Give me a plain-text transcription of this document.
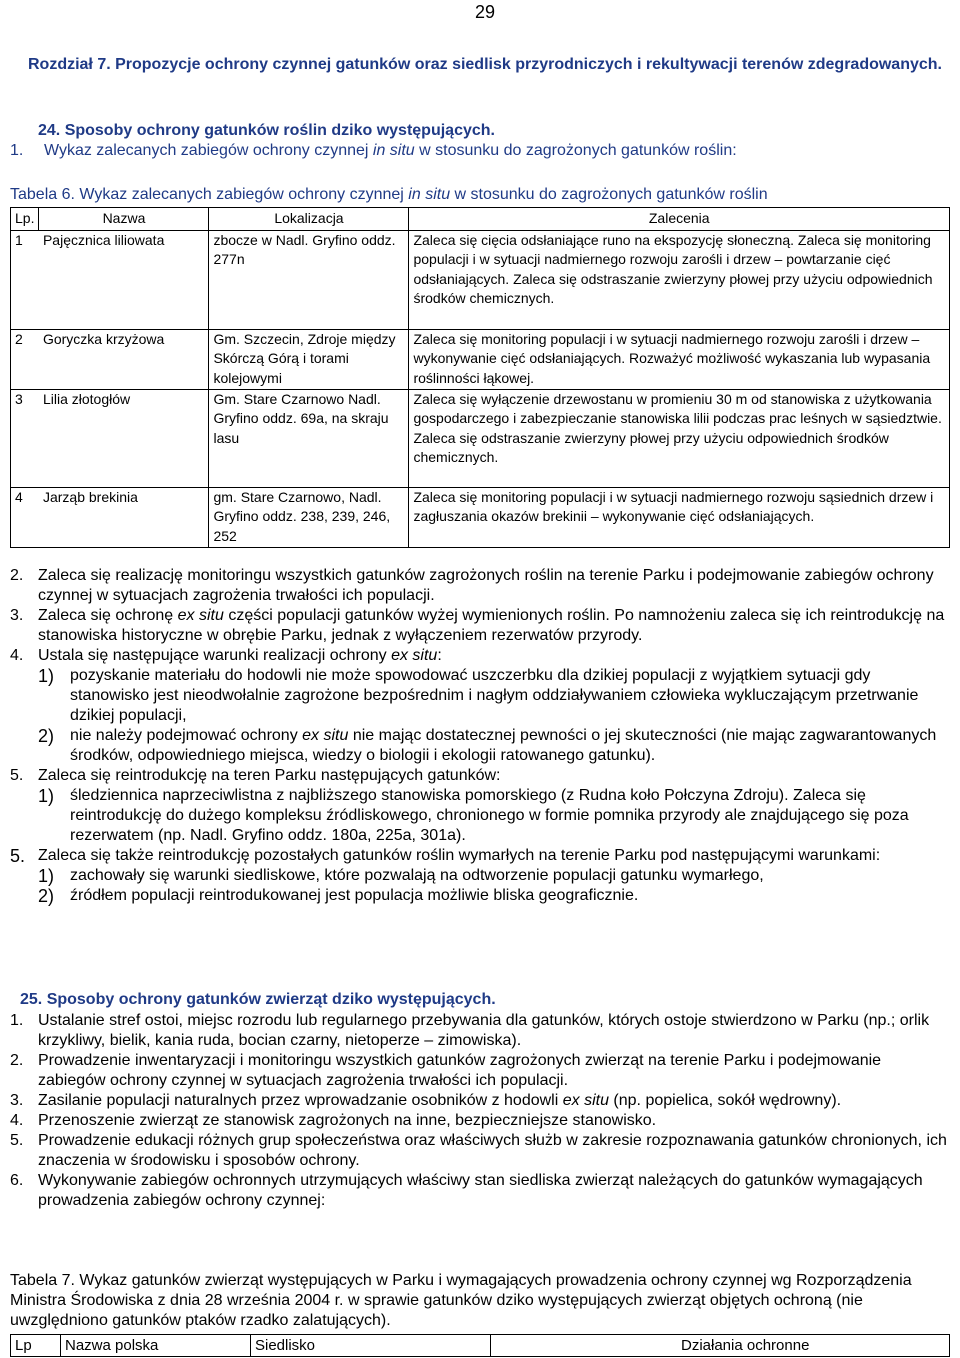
29
Rozdział 7. Propozycje ochrony czynnej gatunków oraz siedlisk przyrodniczych i rekultywacji terenów zdegradowanych.
24. Sposoby ochrony gatunków roślin dziko występujących.
1.	Wykaz zalecanych zabiegów ochrony czynnej in situ w stosunku do zagrożonych gatunków roślin:
Tabela 6. Wykaz zalecanych zabiegów ochrony czynnej in situ w stosunku do zagrożonych gatunków roślin
Lp.	Nazwa	Lokalizacja	Zalecenia
1	Pajęcznica liliowata	zbocze w Nadl. Gryfino oddz. 277n	Zaleca się cięcia odsłaniające runo na ekspozycję słoneczną. Zaleca się monitoring populacji i w sytuacji nadmiernego rozwoju zarośli i drzew – powtarzanie cięć odsłaniających. Zaleca się odstraszanie zwierzyny płowej przy użyciu odpowiednich środków chemicznych.
2	Goryczka krzyżowa	Gm. Szczecin, Zdroje między Skórczą Górą i torami kolejowymi	Zaleca się monitoring populacji i w sytuacji nadmiernego rozwoju zarośli i drzew – wykonywanie cięć odsłaniających. Rozważyć możliwość wykaszania lub wypasania roślinności łąkowej.
3	Lilia złotogłów	Gm. Stare Czarnowo Nadl. Gryfino oddz. 69a, na skraju lasu	Zaleca się wyłączenie drzewostanu w promieniu 30 m od stanowiska z użytkowania gospodarczego i zabezpieczanie stanowiska lilii podczas prac leśnych w sąsiedztwie. Zaleca się odstraszanie zwierzyny płowej przy użyciu odpowiednich środków chemicznych.
4	Jarząb brekinia	gm. Stare Czarnowo, Nadl. Gryfino oddz. 238, 239, 246, 252	Zaleca się monitoring populacji i w sytuacji nadmiernego rozwoju sąsiednich drzew i zagłuszania okazów brekinii – wykonywanie cięć odsłaniających.
2. Zaleca się realizację monitoringu wszystkich gatunków zagrożonych roślin na terenie Parku i podejmowanie zabiegów ochrony czynnej w sytuacjach zagrożenia trwałości ich populacji.
3. Zaleca się ochronę ex situ części populacji gatunków wyżej wymienionych roślin. Po namnożeniu zaleca się ich reintrodukcję na stanowiska historyczne w obrębie Parku, jednak z wyłączeniem rezerwatów przyrody.
4. Ustala się następujące warunki realizacji ochrony ex situ:
1) pozyskanie materiału do hodowli nie może spowodować uszczerbku dla dzikiej populacji z wyjątkiem sytuacji gdy stanowisko jest nieodwołalnie zagrożone bezpośrednim i nagłym oddziaływaniem człowieka wykluczającym przetrwanie dzikiej populacji,
2) nie należy podejmować ochrony ex situ nie mając dostatecznej pewności o jej skuteczności (nie mając zagwarantowanych środków, odpowiedniego miejsca, wiedzy o biologii i ekologii ratowanego gatunku).
5. Zaleca się reintrodukcję na teren Parku następujących gatunków:
1) śledziennica naprzeciwlistna z najbliższego stanowiska pomorskiego (z Rudna koło Połczyna Zdroju). Zaleca się reintrodukcję do dużego kompleksu źródliskowego, chronionego w formie pomnika przyrody ale znajdującego się poza rezerwatem (np. Nadl. Gryfino oddz. 180a, 225a, 301a).
5. Zaleca się także reintrodukcję pozostałych gatunków roślin wymarłych na terenie Parku pod następującymi warunkami:
1) zachowały się warunki siedliskowe, które pozwalają na odtworzenie populacji gatunku wymarłego,
2) źródłem populacji reintrodukowanej jest populacja możliwie bliska geograficznie.
25. Sposoby ochrony gatunków zwierząt dziko występujących.
1. Ustalanie stref ostoi, miejsc rozrodu lub regularnego przebywania dla gatunków, których ostoje stwierdzono w Parku (np.; orlik krzykliwy, bielik, kania ruda, bocian czarny, nietoperze – zimowiska).
2. Prowadzenie inwentaryzacji i monitoringu wszystkich gatunków zagrożonych zwierząt na terenie Parku i podejmowanie zabiegów ochrony czynnej w sytuacjach zagrożenia trwałości ich populacji.
3. Zasilanie populacji naturalnych przez wprowadzanie osobników z hodowli ex situ (np. popielica, sokół wędrowny).
4. Przenoszenie zwierząt ze stanowisk zagrożonych na inne, bezpieczniejsze stanowisko.
5. Prowadzenie edukacji różnych grup społeczeństwa oraz właściwych służb w zakresie rozpoznawania gatunków chronionych, ich znaczenia w środowisku i sposobów ochrony.
6. Wykonywanie zabiegów ochronnych utrzymujących właściwy stan siedliska zwierząt należących do gatunków wymagających prowadzenia zabiegów ochrony czynnej:
Tabela 7. Wykaz gatunków zwierząt występujących w Parku i wymagających prowadzenia ochrony czynnej wg Rozporządzenia Ministra Środowiska z dnia 28 września 2004 r. w sprawie gatunków dziko występujących zwierząt objętych ochroną (nie uwzględniono gatunków ptaków rzadko zalatujących).
Lp	Nazwa polska	Siedlisko	Działania ochronne
